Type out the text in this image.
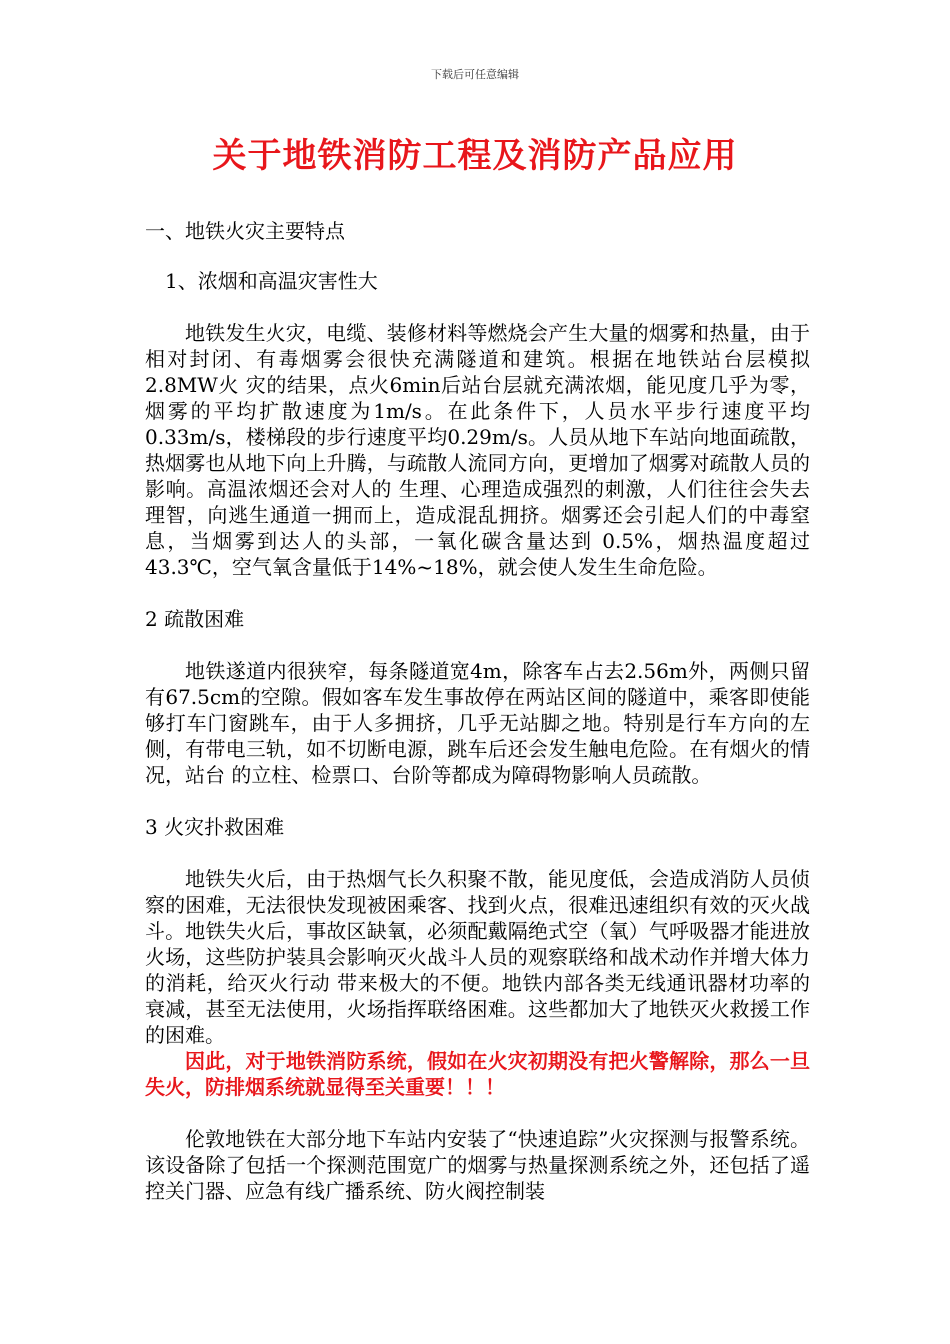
下载后可任意编辑
关于地铁消防工程及消防产品应用

一、地铁火灾主要特点

1、浓烟和高温灾害性大

地铁发生火灾，电缆、装修材料等燃烧会产生大量的烟雾和热量，由于相对封闭、有毒烟雾会很快充满隧道和建筑。根据在地铁站台层模拟2.8MW火 灾的结果，点火6min后站台层就充满浓烟，能见度几乎为零，烟雾的平均扩散速度为1m/s。在此条件下，人员水平步行速度平均0.33m/s，楼梯段的步行速度平均0.29m/s。人员从地下车站向地面疏散，热烟雾也从地下向上升腾，与疏散人流同方向，更增加了烟雾对疏散人员的影响。高温浓烟还会对人的 生理、心理造成强烈的刺激，人们往往会失去理智，向逃生通道一拥而上，造成混乱拥挤。烟雾还会引起人们的中毒窒息，当烟雾到达人的头部，一氧化碳含量达到 0.5%，烟热温度超过43.3℃，空气氧含量低于14%~18%，就会使人发生生命危险。

2 疏散困难

地铁遂道内很狭窄，每条隧道宽4m，除客车占去2.56m外，两侧只留有67.5cm的空隙。假如客车发生事故停在两站区间的隧道中，乘客即使能够打车门窗跳车，由于人多拥挤，几乎无站脚之地。特别是行车方向的左侧，有带电三轨，如不切断电源，跳车后还会发生触电危险。在有烟火的情况，站台 的立柱、检票口、台阶等都成为障碍物影响人员疏散。

3 火灾扑救困难

地铁失火后，由于热烟气长久积聚不散，能见度低，会造成消防人员侦察的困难，无法很快发现被困乘客、找到火点，很难迅速组织有效的灭火战斗。地铁失火后，事故区缺氧，必须配戴隔绝式空（氧）气呼吸器才能进放火场，这些防护装具会影响灭火战斗人员的观察联络和战术动作并增大体力的消耗，给灭火行动 带来极大的不便。地铁内部各类无线通讯器材功率的衰减，甚至无法使用，火场指挥联络困难。这些都加大了地铁灭火救援工作的困难。

因此，对于地铁消防系统，假如在火灾初期没有把火警解除，那么一旦失火，防排烟系统就显得至关重要！！！

伦敦地铁在大部分地下车站内安装了“快速追踪”火灾探测与报警系统。该设备除了包括一个探测范围宽广的烟雾与热量探测系统之外，还包括了遥控关门器、应急有线广播系统、防火阀控制装
